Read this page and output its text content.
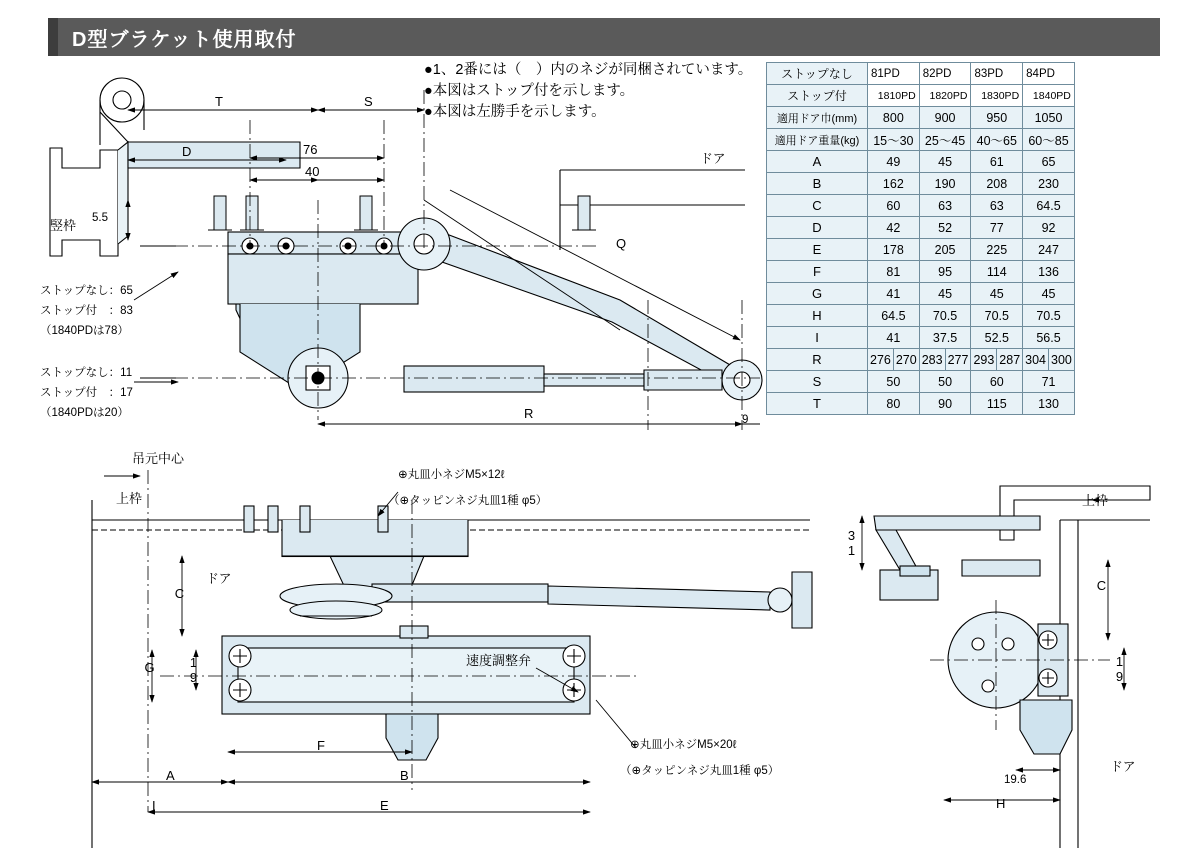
D型ブラケット使用取付
●1、2番には（　）内のネジが同梱されています。
●本図はストップ付を示します。
●本図は左勝手を示します。
ストップなし	81PD		82PD		83PD		84PD	
ストップ付	1810PD		1820PD		1830PD		1840PD	
適用ドア巾(mm)	800		900		950		1050	
適用ドア重量(kg)	15〜30		25〜45		40〜65		60〜85	
A	49		45		61		65	
B	162		190		208		230	
C	60		63		63		64.5	
D	42		52		77		92	
E	178		205		225		247	
F	81		95		114		136	
G	41		45		45		45	
H	64.5		70.5		70.5		70.5	
I	41		37.5		52.5		56.5	
R	276	270	283	277	293	287	304	300
S	50		50		60		71	
T	80		90		115		130	
T	S
D	76
40
5.5
ドア
竪枠
Q
R	9
ストップなし：65
ストップ付　：83
（1840PDは78）
ストップなし：11
ストップ付　：17
（1840PDは20）
吊元中心
上枠
ドア
⊕丸皿小ネジM5×12ℓ
（⊕タッピンネジ丸皿1種 φ5）
⊕丸皿小ネジM5×20ℓ
（⊕タッピンネジ丸皿1種 φ5）
速度調整弁
C
G 19
F
B
A
I	E
上枠
31
C
19
19.6
H
ドア
